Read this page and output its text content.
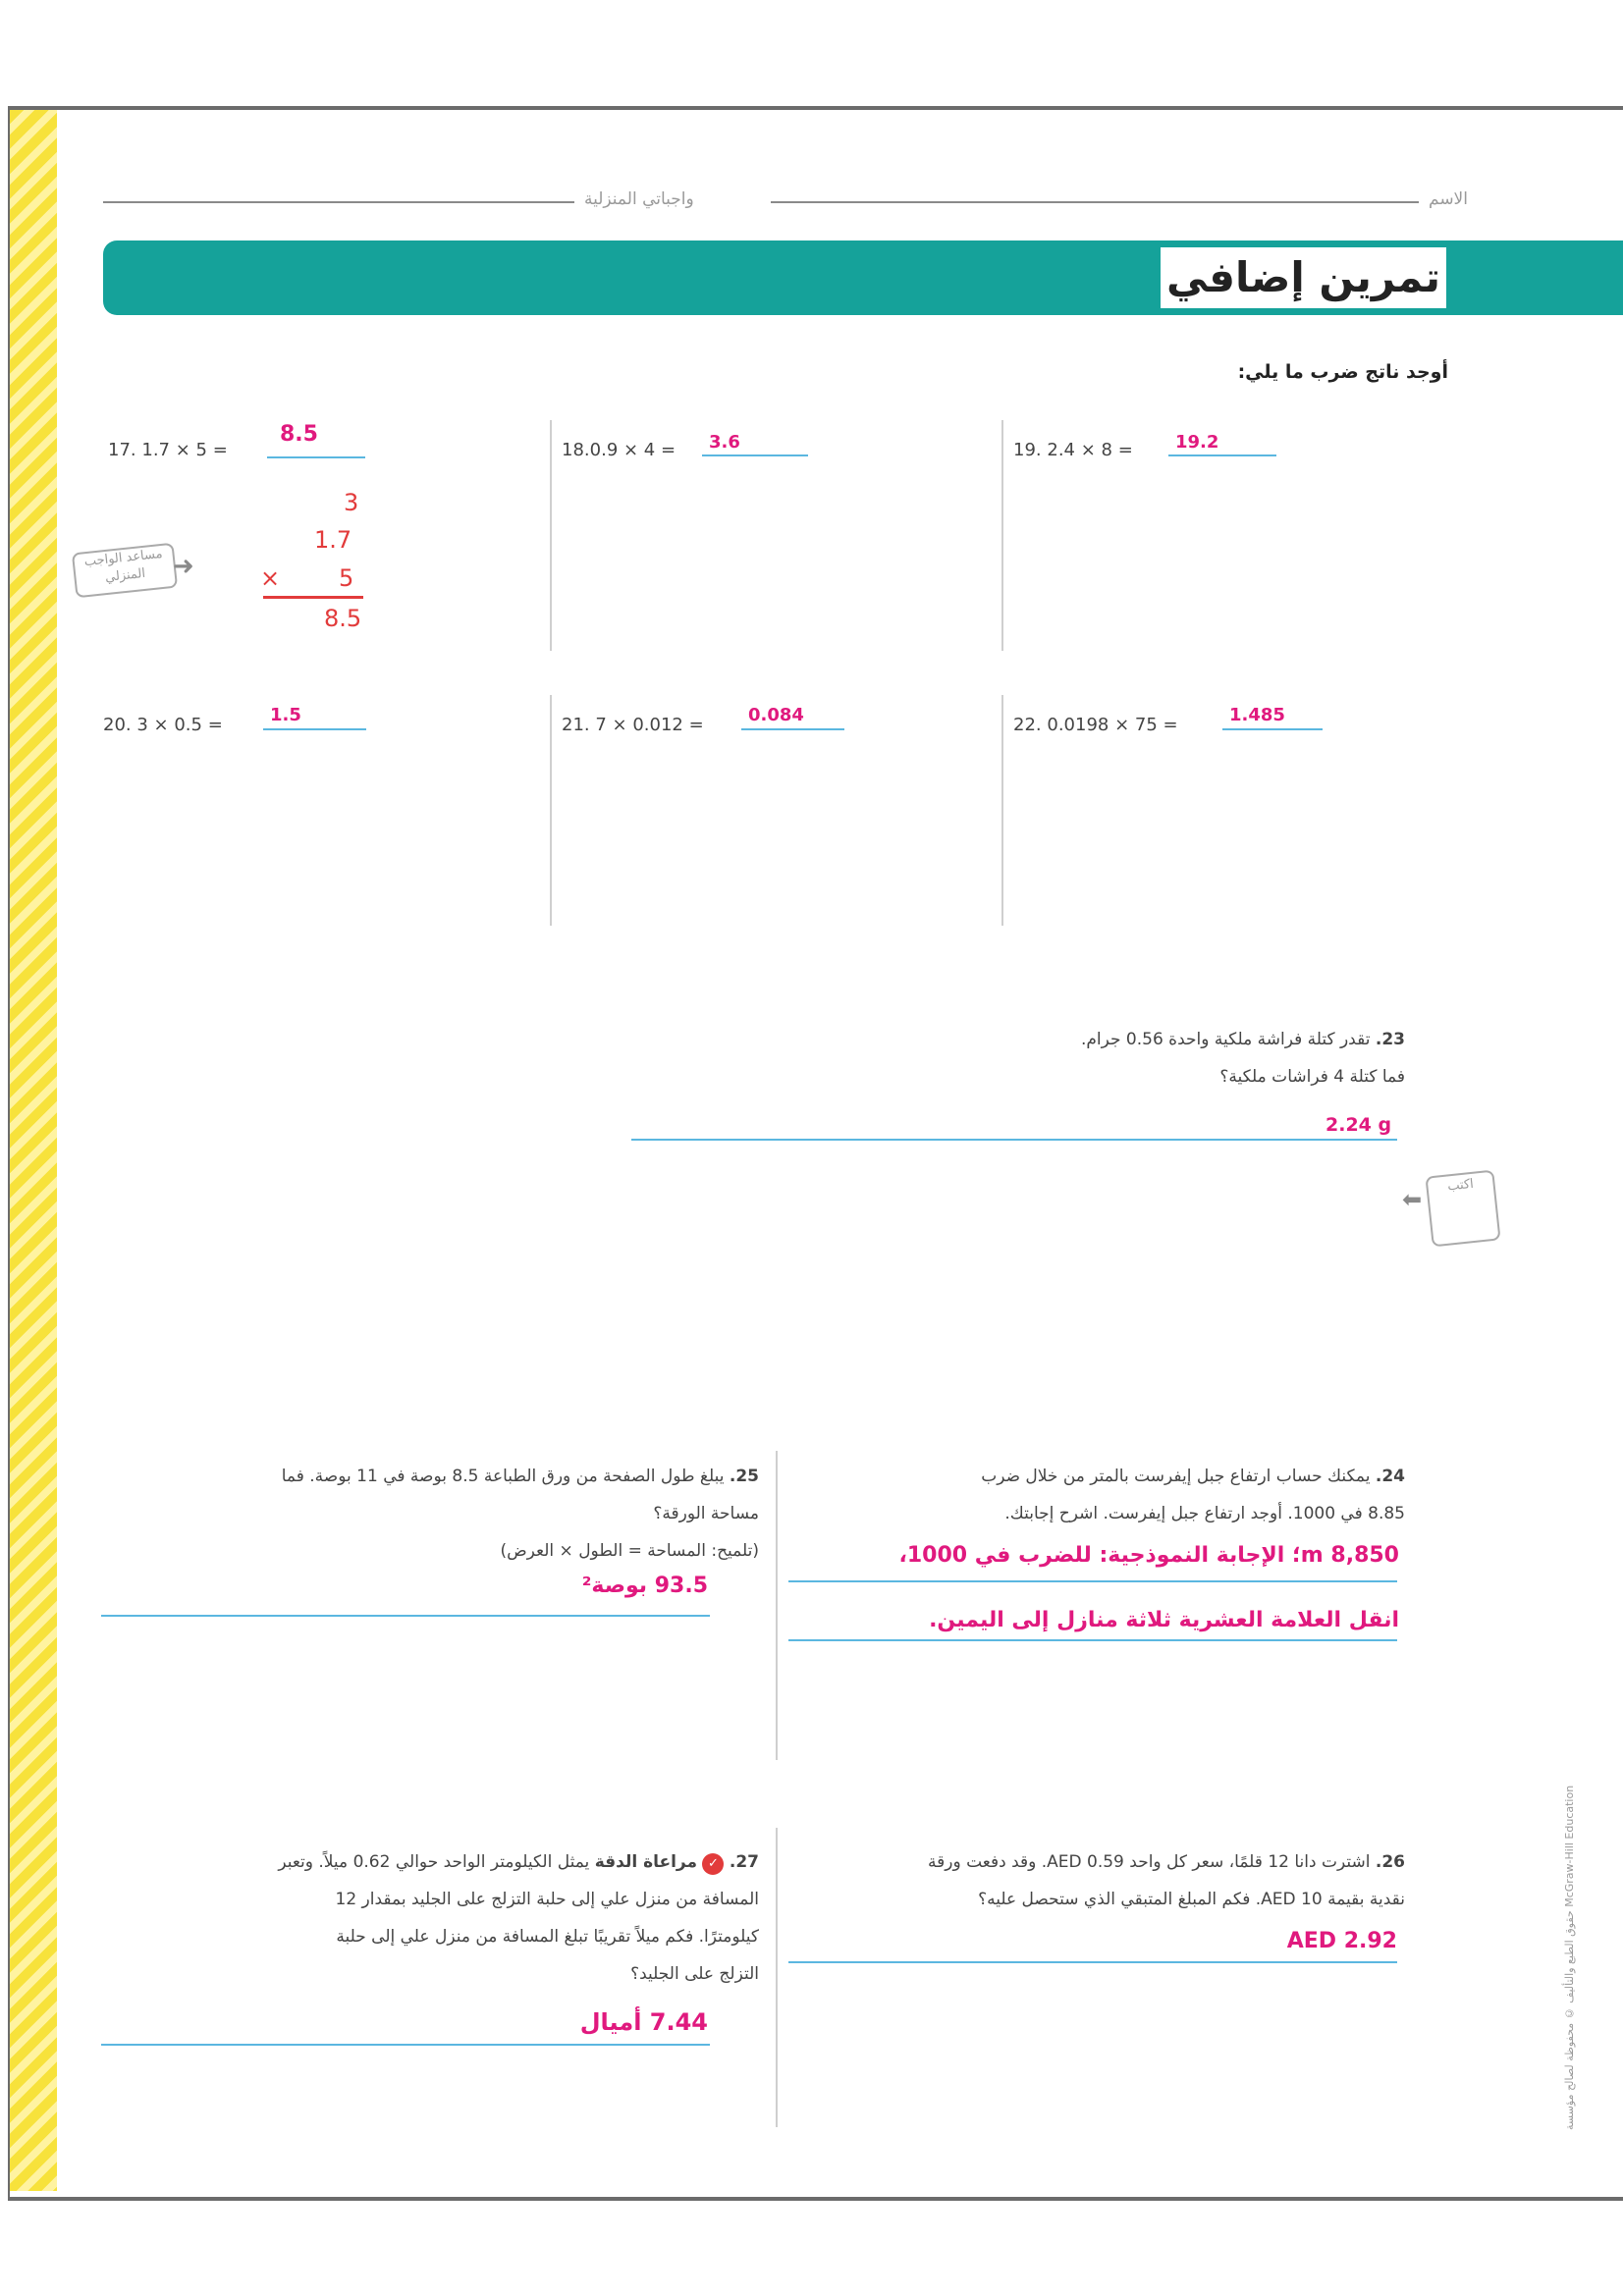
واجباتي المنزلية	الاسم
تمرين إضافي
أوجد ناتج ضرب ما يلي:
17. 1.7 × 5 =
8.5
18.0.9 × 4 = 3.6	19. 2.4 × 8 = 19.2
3
1.7
× 5
8.5
مساعد الواجب المنزلي	➜
20. 3 × 0.5 =	1.5	21. 7 × 0.012 =	0.084	22. 0.0198 × 75 =	1.485
23. تقدر كتلة فراشة ملكية واحدة 0.56 جرام.
فما كتلة 4 فراشات ملكية؟
2.24 g
⬅
اكتب
24. يمكنك حساب ارتفاع جبل إيفرست بالمتر من خلال ضرب
8.85 في 1000. أوجد ارتفاع جبل إيفرست. اشرح إجابتك.
8,850 m؛ الإجابة النموذجية: للضرب في 1000،
انقل العلامة العشرية ثلاثة منازل إلى اليمين.
25. يبلغ طول الصفحة من ورق الطباعة 8.5 بوصة في 11 بوصة. فما
مساحة الورقة؟
(تلميح: المساحة = الطول × العرض)
93.5 بوصة²
26. اشترت دانا 12 قلمًا، سعر كل واحد 0.59 AED. وقد دفعت ورقة
نقدية بقيمة 10 AED. فكم المبلغ المتبقي الذي ستحصل عليه؟
AED 2.92
27. ✓ مراعاة الدقة يمثل الكيلومتر الواحد حوالي 0.62 ميلاً. وتعبر
المسافة من منزل علي إلى حلبة التزلج على الجليد بمقدار 12
كيلومترًا. فكم ميلاً تقريبًا تبلغ المسافة من منزل علي إلى حلبة
التزلج على الجليد؟
7.44 أميال	حقوق الطبع والتأليف © محفوظة لصالح مؤسسة McGraw-Hill Education
